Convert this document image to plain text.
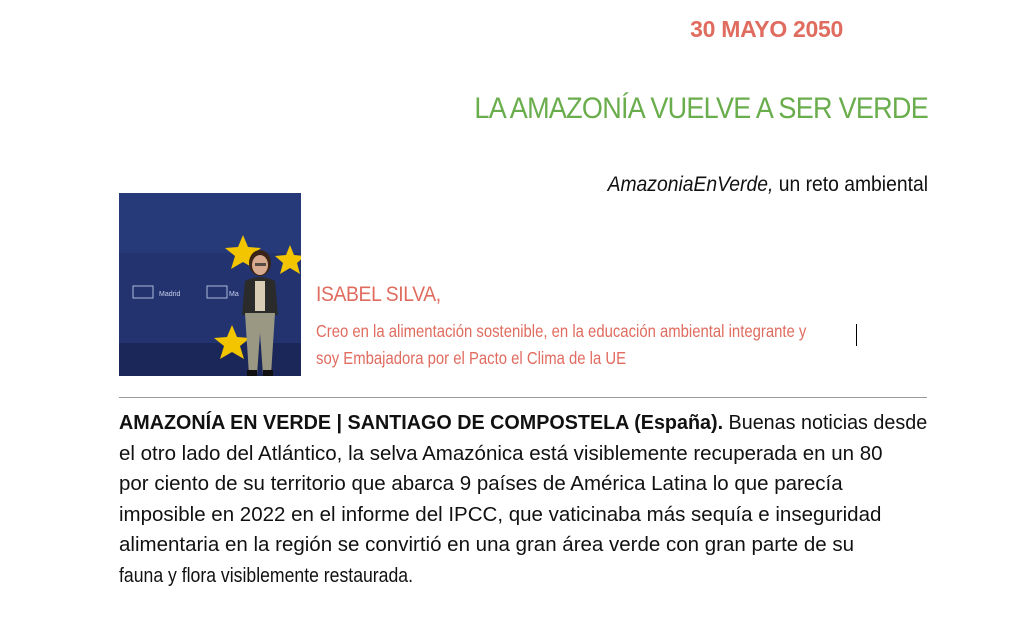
30 MAYO 2050
LA AMAZONÍA VUELVE A SER VERDE
AmazoniaEnVerde, un reto ambiental
Madrid	Ma	ISABEL SILVA,
Creo en la alimentación sostenible, en la educación ambiental integrante y
soy Embajadora por el Pacto el Clima de la UE
AMAZONÍA EN VERDE | SANTIAGO DE COMPOSTELA (España). Buenas noticias desde
el otro lado del Atlántico, la selva Amazónica está visiblemente recuperada en un 80
por ciento de su territorio que abarca 9 países de América Latina lo que parecía
imposible en 2022 en el informe del IPCC, que vaticinaba más sequía e inseguridad
alimentaria en la región se convirtió en una gran área verde con gran parte de su
fauna y flora visiblemente restaurada.
